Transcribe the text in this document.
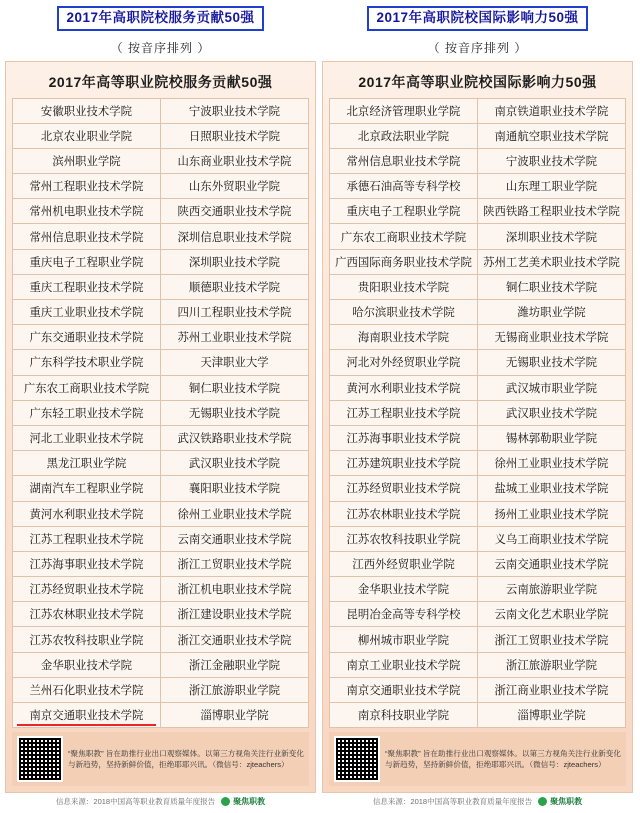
2017年高职院校服务贡献50强
（ 按音序排列 ）
2017年高等职业院校服务贡献50强
安徽职业技术学院	宁波职业技术学院
北京农业职业学院	日照职业技术学院
滨州职业学院	山东商业职业技术学院
常州工程职业技术学院	山东外贸职业学院
常州机电职业技术学院	陕西交通职业技术学院
常州信息职业技术学院	深圳信息职业技术学院
重庆电子工程职业学院	深圳职业技术学院
重庆工程职业技术学院	顺德职业技术学院
重庆工业职业技术学院	四川工程职业技术学院
广东交通职业技术学院	苏州工业职业技术学院
广东科学技术职业学院	天津职业大学
广东农工商职业技术学院	铜仁职业技术学院
广东轻工职业技术学院	无锡职业技术学院
河北工业职业技术学院	武汉铁路职业技术学院
黑龙江职业学院	武汉职业技术学院
湖南汽车工程职业学院	襄阳职业技术学院
黄河水利职业技术学院	徐州工业职业技术学院
江苏工程职业技术学院	云南交通职业技术学院
江苏海事职业技术学院	浙江工贸职业技术学院
江苏经贸职业技术学院	浙江机电职业技术学院
江苏农林职业技术学院	浙江建设职业技术学院
江苏农牧科技职业学院	浙江交通职业技术学院
金华职业技术学院	浙江金融职业学院
兰州石化职业技术学院	浙江旅游职业学院
南京交通职业技术学院	淄博职业学院
“聚焦职教” 旨在助推行业出口观察媒体。以第三方视角关注行业新变化与新趋势，坚持新鲜价值，拒绝耶耶兴讯。（微信号：zjteachers）
信息来源：2018中国高等职业教育质量年度报告 聚焦职教
2017年高职院校国际影响力50强
（ 按音序排列 ）
2017年高等职业院校国际影响力50强
北京经济管理职业学院	南京铁道职业技术学院
北京政法职业学院	南通航空职业技术学院
常州信息职业技术学院	宁波职业技术学院
承德石油高等专科学校	山东理工职业学院
重庆电子工程职业学院	陕西铁路工程职业技术学院
广东农工商职业技术学院	深圳职业技术学院
广西国际商务职业技术学院	苏州工艺美术职业技术学院
贵阳职业技术学院	铜仁职业技术学院
哈尔滨职业技术学院	潍坊职业学院
海南职业技术学院	无锡商业职业技术学院
河北对外经贸职业学院	无锡职业技术学院
黄河水利职业技术学院	武汉城市职业学院
江苏工程职业技术学院	武汉职业技术学院
江苏海事职业技术学院	锡林郭勒职业学院
江苏建筑职业技术学院	徐州工业职业技术学院
江苏经贸职业技术学院	盐城工业职业技术学院
江苏农林职业技术学院	扬州工业职业技术学院
江苏农牧科技职业学院	义乌工商职业技术学院
江西外经贸职业学院	云南交通职业技术学院
金华职业技术学院	云南旅游职业学院
昆明冶金高等专科学校	云南文化艺术职业学院
柳州城市职业学院	浙江工贸职业技术学院
南京工业职业技术学院	浙江旅游职业学院
南京交通职业技术学院	浙江商业职业技术学院
南京科技职业学院	淄博职业学院
“聚焦职教” 旨在助推行业出口观察媒体。以第三方视角关注行业新变化与新趋势，坚持新鲜价值，拒绝耶耶兴讯。（微信号：zjteachers）
信息来源：2018中国高等职业教育质量年度报告 聚焦职教
